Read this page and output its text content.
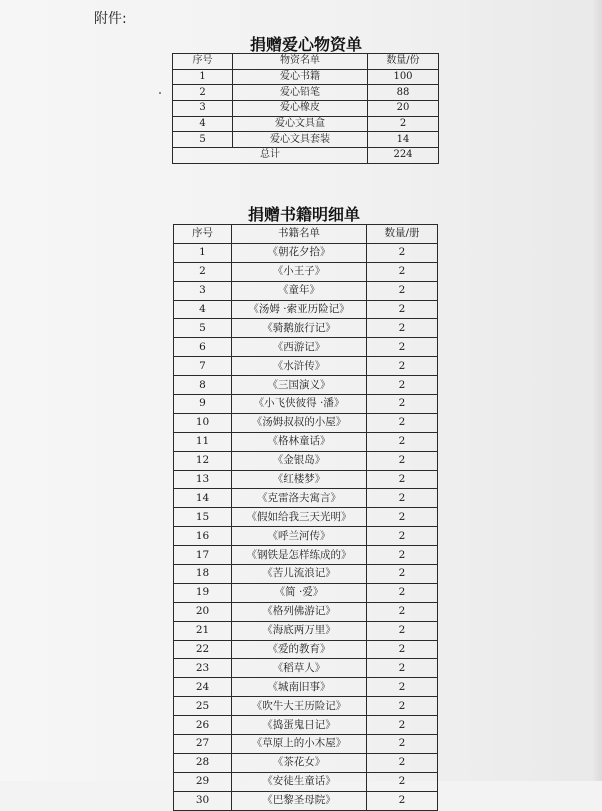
附件:
捐赠爱心物资单
序号	物资名单	数量/份
1	爱心书籍	100
2	爱心铅笔	88
3	爱心橡皮	20
4	爱心文具盒	2
5	爱心文具套装	14
总计		224
捐赠书籍明细单
序号	书籍名单	数量/册
1	《朝花夕拾》	2
2	《小王子》	2
3	《童年》	2
4	《汤姆 ·索亚历险记》	2
5	《骑鹅旅行记》	2
6	《西游记》	2
7	《水浒传》	2
8	《三国演义》	2
9	《小飞侠彼得 ·潘》	2
10	《汤姆叔叔的小屋》	2
11	《格林童话》	2
12	《金银岛》	2
13	《红楼梦》	2
14	《克雷洛夫寓言》	2
15	《假如给我三天光明》	2
16	《呼兰河传》	2
17	《钢铁是怎样练成的》	2
18	《苦儿流浪记》	2
19	《简 ·爱》	2
20	《格列佛游记》	2
21	《海底两万里》	2
22	《爱的教育》	2
23	《稻草人》	2
24	《城南旧事》	2
25	《吹牛大王历险记》	2
26	《捣蛋鬼日记》	2
27	《草原上的小木屋》	2
28	《茶花女》	2
29	《安徒生童话》	2
30	《巴黎圣母院》	2
